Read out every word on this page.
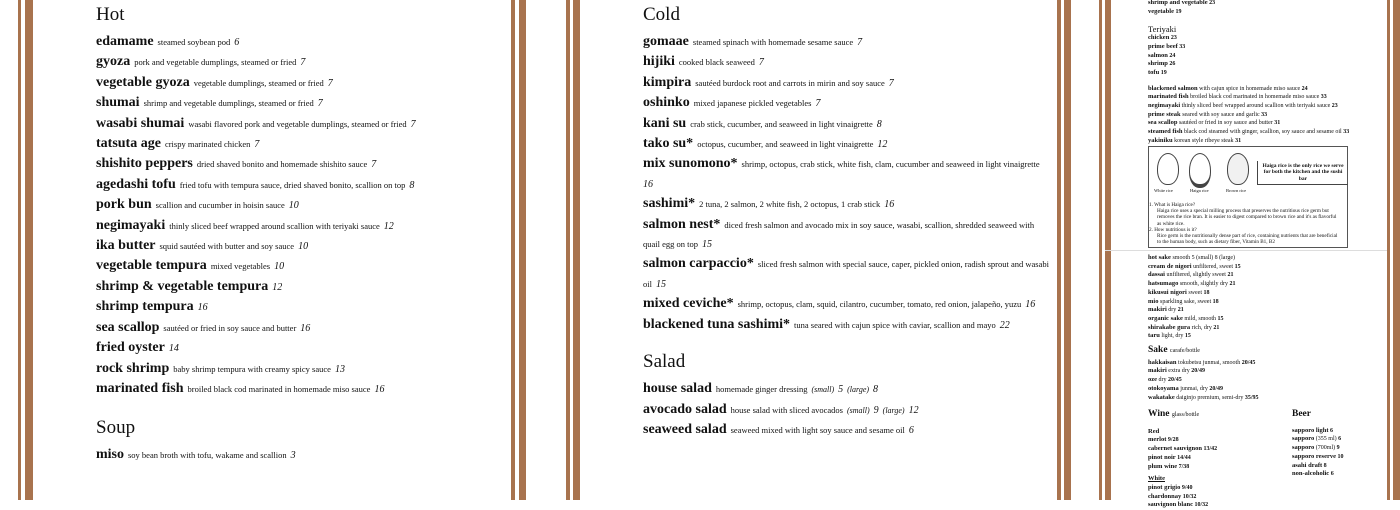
Hot
edamame steamed soybean pod 6
gyoza pork and vegetable dumplings, steamed or fried 7
vegetable gyoza vegetable dumplings, steamed or fried 7
shumai shrimp and vegetable dumplings, steamed or fried 7
wasabi shumai wasabi flavored pork and vegetable dumplings, steamed or fried 7
tatsuta age crispy marinated chicken 7
shishito peppers dried shaved bonito and homemade shishito sauce 7
agedashi tofu fried tofu with tempura sauce, dried shaved bonito, scallion on top 8
pork bun scallion and cucumber in hoisin sauce 10
negimayaki thinly sliced beef wrapped around scallion with teriyaki sauce 12
ika butter squid sautéed with butter and soy sauce 10
vegetable tempura mixed vegetables 10
shrimp & vegetable tempura 12
shrimp tempura 16
sea scallop sautéed or fried in soy sauce and butter 16
fried oyster 14
rock shrimp baby shrimp tempura with creamy spicy sauce 13
marinated fish broiled black cod marinated in homemade miso sauce 16
Soup
miso soy bean broth with tofu, wakame and scallion 3
Cold
gomaae steamed spinach with homemade sesame sauce 7
hijiki cooked black seaweed 7
kimpira sautéed burdock root and carrots in mirin and soy sauce 7
oshinko mixed japanese pickled vegetables 7
kani su crab stick, cucumber, and seaweed in light vinaigrette 8
tako su* octopus, cucumber, and seaweed in light vinaigrette 12
mix sunomono* shrimp, octopus, crab stick, white fish, clam, cucumber and seaweed in light vinaigrette 16
sashimi* 2 tuna, 2 salmon, 2 white fish, 2 octopus, 1 crab stick 16
salmon nest* diced fresh salmon and avocado mix in soy sauce, wasabi, scallion, shredded seaweed with quail egg on top 15
salmon carpaccio* sliced fresh salmon with special sauce, caper, pickled onion, radish sprout and wasabi oil 15
mixed ceviche* shrimp, octopus, clam, squid, cilantro, cucumber, tomato, red onion, jalapeño, yuzu 16
blackened tuna sashimi* tuna seared with cajun spice with caviar, scallion and mayo 22
Salad
house salad homemade ginger dressing (small) 5 (large) 8
avocado salad house salad with sliced avocados (small) 9 (large) 12
seaweed salad seaweed mixed with light soy sauce and sesame oil 6
shrimp and vegetable 23
vegetable 19
Teriyaki
chicken 23
prime beef 33
salmon 24
shrimp 26
tofu 19
blackened salmon with cajun spice in homemade miso sauce 24
marinated fish broiled black cod marinated in homemade miso sauce 33
negimayaki thinly sliced beef wrapped around scallion with teriyaki sauce 23
prime steak seared with soy sauce and garlic 33
sea scallop sautéed or fried in soy sauce and butter 31
steamed fish black cod steamed with ginger, scallion, soy sauce and sesame oil 33
yakiniku korean style ribeye steak 31
hot sake smooth 5 (small) 8 (large)
cream de nigori unfiltered, sweet 15
dassai unfiltered, slightly sweet 21
hatsumago smooth, slightly dry 21
kikusui nigori sweet 18
mio sparkling sake, sweet 18
makiri dry 21
organic sake mild, smooth 15
shirakabe gura rich, dry 21
taru light, dry 15
Sake carafe/bottle
hakkaisan tokubetsu junmai, smooth 20/45
makiri extra dry 20/49
oze dry 20/45
otokoyama junmai, dry 20/49
wakatake daiginjo premium, semi-dry 35/95
Wine glass/bottle
Red
merlot 9/28
cabernet sauvignon 13/42
pinot noir 14/44
plum wine 7/38
White
pinot grigio 9/40
chardonnay 10/32
sauvignon blanc 10/32
Beer
sapporo light 6
sapporo (355 ml) 6
sapporo (700ml) 9
sapporo reserve 10
asahi draft 8
non-alcoholic 6
White rice	Haiga rice	Brown rice
Haiga rice is the only rice we serve for both the kitchen and the sushi bar
1. What is Haiga rice?
Haiga rice uses a special milling process that preserves the nutritious rice germ but removes the rice bran. It is easier to digest compared to brown rice and it's as flavorful as white rice.
2. How nutritious is it?
Rice germ is the nutritionally dense part of rice, containing nutrients that are beneficial to the human body, such as dietary fiber, Vitamin B1, B2
